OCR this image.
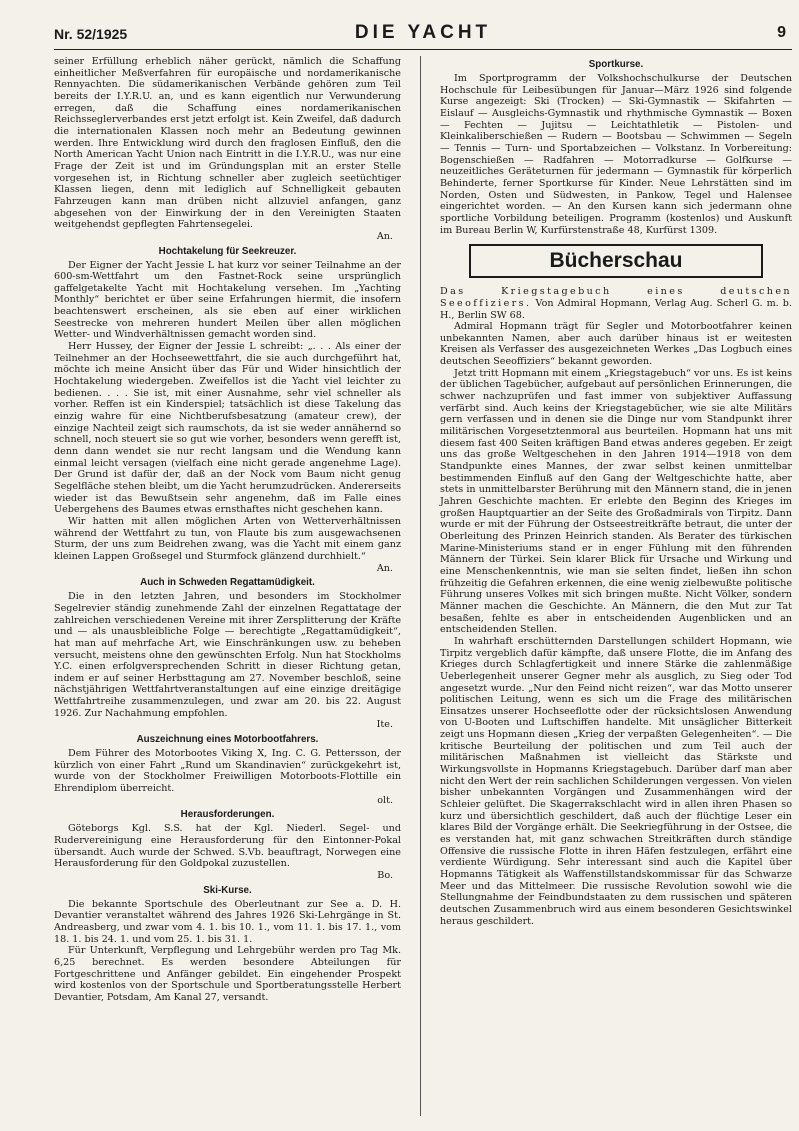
Nr. 52/1925	DIE YACHT	9

seiner Erfüllung erheblich näher gerückt, nämlich die Schaffung einheitlicher Meßverfahren für europäische und nordamerikanische Rennyachten. Die südamerikanischen Verbände gehören zum Teil bereits der I.Y.R.U. an, und es kann eigentlich nur Verwunderung erregen, daß die Schaffung eines nordamerikanischen Reichsseglerverbandes erst jetzt erfolgt ist. Kein Zweifel, daß dadurch die internationalen Klassen noch mehr an Bedeutung gewinnen werden. Ihre Entwicklung wird durch den fraglosen Einfluß, den die North American Yacht Union nach Eintritt in die I.Y.R.U., was nur eine Frage der Zeit ist und im Gründungsplan mit an erster Stelle vorgesehen ist, in Richtung schneller aber zugleich seetüchtiger Klassen liegen, denn mit lediglich auf Schnelligkeit gebauten Fahrzeugen kann man drüben nicht allzuviel anfangen, ganz abgesehen von der Einwirkung der in den Vereinigten Staaten weitgehendst gepflegten Fahrtensegelei.

An.
Hochtakelung für Seekreuzer.

Der Eigner der Yacht Jessie L hat kurz vor seiner Teilnahme an der 600-sm-Wettfahrt um den Fastnet-Rock seine ursprünglich gaffelgetakelte Yacht mit Hochtakelung versehen. Im „Yachting Monthly“ berichtet er über seine Erfahrungen hiermit, die insofern beachtenswert erscheinen, als sie eben auf einer wirklichen Seestrecke von mehreren hundert Meilen über allen möglichen Wetter- und Windverhältnissen gemacht worden sind.

Herr Hussey, der Eigner der Jessie L schreibt: „. . . Als einer der Teilnehmer an der Hochseewettfahrt, die sie auch durchgeführt hat, möchte ich meine Ansicht über das Für und Wider hinsichtlich der Hochtakelung wiedergeben. Zweifellos ist die Yacht viel leichter zu bedienen. . . . Sie ist, mit einer Ausnahme, sehr viel schneller als vorher. Reffen ist ein Kinderspiel; tatsächlich ist diese Takelung das einzig wahre für eine Nichtberufsbesatzung (amateur crew), der einzige Nachteil zeigt sich raumschots, da ist sie weder annähernd so schnell, noch steuert sie so gut wie vorher, besonders wenn gerefft ist, denn dann wendet sie nur recht langsam und die Wendung kann einmal leicht versagen (vielfach eine nicht gerade angenehme Lage). Der Grund ist dafür der, daß an der Nock vom Baum nicht genug Segelfläche stehen bleibt, um die Yacht herumzudrücken. Andererseits wieder ist das Bewußtsein sehr angenehm, daß im Falle eines Uebergehens des Baumes etwas ernsthaftes nicht geschehen kann.

Wir hatten mit allen möglichen Arten von Wetterverhältnissen während der Wettfahrt zu tun, von Flaute bis zum ausgewachsenen Sturm, der uns zum Beidrehen zwang, was die Yacht mit einem ganz kleinen Lappen Großsegel und Sturmfock glänzend durchhielt.“

An.
Auch in Schweden Regattamüdigkeit.

Die in den letzten Jahren, und besonders im Stockholmer Segelrevier ständig zunehmende Zahl der einzelnen Regattatage der zahlreichen verschiedenen Vereine mit ihrer Zersplitterung der Kräfte und — als unausbleibliche Folge — berechtigte „Regattamüdigkeit“, hat man auf mehrfache Art, wie Einschränkungen usw. zu beheben versucht, meistens ohne den gewünschten Erfolg. Nun hat Stockholms Y.C. einen erfolgversprechenden Schritt in dieser Richtung getan, indem er auf seiner Herbsttagung am 27. November beschloß, seine nächstjährigen Wettfahrtveranstaltungen auf eine einzige dreitägige Wettfahrtreihe zusammenzulegen, und zwar am 20. bis 22. August 1926. Zur Nachahmung empfohlen.

Ite.
Auszeichnung eines Motorbootfahrers.

Dem Führer des Motorbootes Viking X, Ing. C. G. Pettersson, der kürzlich von einer Fahrt „Rund um Skandinavien“ zurückgekehrt ist, wurde von der Stockholmer Freiwilligen Motorboots-Flottille ein Ehrendiplom überreicht.

olt.
Herausforderungen.

Göteborgs Kgl. S.S. hat der Kgl. Niederl. Segel- und Rudervereinigung eine Herausforderung für den Eintonner-Pokal übersandt. Auch wurde der Schwed. S.Vb. beauftragt, Norwegen eine Herausforderung für den Goldpokal zuzustellen.

Bo.
Ski-Kurse.

Die bekannte Sportschule des Oberleutnant zur See a. D. H. Devantier veranstaltet während des Jahres 1926 Ski-Lehrgänge in St. Andreasberg, und zwar vom 4. 1. bis 10. 1., vom 11. 1. bis 17. 1., vom 18. 1. bis 24. 1. und vom 25. 1. bis 31. 1.

Für Unterkunft, Verpflegung und Lehrgebühr werden pro Tag Mk. 6,25 berechnet. Es werden besondere Abteilungen für Fortgeschrittene und Anfänger gebildet. Ein eingehender Prospekt wird kostenlos von der Sportschule und Sportberatungsstelle Herbert Devantier, Potsdam, Am Kanal 27, versandt.

Sportkurse.

Im Sportprogramm der Volkshochschulkurse der Deutschen Hochschule für Leibesübungen für Januar—März 1926 sind folgende Kurse angezeigt: Ski (Trocken) — Ski-Gymnastik — Skifahrten — Eislauf — Ausgleichs-Gymnastik und rhythmische Gymnastik — Boxen — Fechten — Jujitsu — Leichtathletik — Pistolen- und Kleinkaliberschießen — Rudern — Bootsbau — Schwimmen — Segeln — Tennis — Turn- und Sportabzeichen — Volkstanz. In Vorbereitung: Bogenschießen — Radfahren — Motorradkurse — Golfkurse — neuzeitliches Geräteturnen für jedermann — Gymnastik für körperlich Behinderte, ferner Sportkurse für Kinder. Neue Lehrstätten sind im Norden, Osten und Südwesten, in Pankow, Tegel und Halensee eingerichtet worden. — An den Kursen kann sich jedermann ohne sportliche Vorbildung beteiligen. Programm (kostenlos) und Auskunft im Bureau Berlin W, Kurfürstenstraße 48, Kurfürst 1309.

Bücherschau

Das Kriegstagebuch eines deutschen Seeoffiziers. Von Admiral Hopmann, Verlag Aug. Scherl G. m. b. H., Berlin SW 68.

Admiral Hopmann trägt für Segler und Motorbootfahrer keinen unbekannten Namen, aber auch darüber hinaus ist er weitesten Kreisen als Verfasser des ausgezeichneten Werkes „Das Logbuch eines deutschen Seeoffiziers“ bekannt geworden.

Jetzt tritt Hopmann mit einem „Kriegstagebuch“ vor uns. Es ist keins der üblichen Tagebücher, aufgebaut auf persönlichen Erinnerungen, die schwer nachzuprüfen und fast immer von subjektiver Auffassung verfärbt sind. Auch keins der Kriegstagebücher, wie sie alte Militärs gern verfassen und in denen sie die Dinge nur vom Standpunkt ihrer militärischen Vorgesetztenmoral aus beurteilen. Hopmann hat uns mit diesem fast 400 Seiten kräftigen Band etwas anderes gegeben. Er zeigt uns das große Weltgeschehen in den Jahren 1914—1918 von dem Standpunkte eines Mannes, der zwar selbst keinen unmittelbar bestimmenden Einfluß auf den Gang der Weltgeschichte hatte, aber stets in unmittelbarster Berührung mit den Männern stand, die in jenen Jahren Geschichte machten. Er erlebte den Beginn des Krieges im großen Hauptquartier an der Seite des Großadmirals von Tirpitz. Dann wurde er mit der Führung der Ostseestreitkräfte betraut, die unter der Oberleitung des Prinzen Heinrich standen. Als Berater des türkischen Marine-Ministeriums stand er in enger Fühlung mit den führenden Männern der Türkei. Sein klarer Blick für Ursache und Wirkung und eine Menschenkenntnis, wie man sie selten findet, ließen ihn schon frühzeitig die Gefahren erkennen, die eine wenig zielbewußte politische Führung unseres Volkes mit sich bringen mußte. Nicht Völker, sondern Männer machen die Geschichte. An Männern, die den Mut zur Tat besaßen, fehlte es aber in entscheidenden Augenblicken und an entscheidenden Stellen.

In wahrhaft erschütternden Darstellungen schildert Hopmann, wie Tirpitz vergeblich dafür kämpfte, daß unsere Flotte, die im Anfang des Krieges durch Schlagfertigkeit und innere Stärke die zahlenmäßige Ueberlegenheit unserer Gegner mehr als ausglich, zu Sieg oder Tod angesetzt wurde. „Nur den Feind nicht reizen“, war das Motto unserer politischen Leitung, wenn es sich um die Frage des militärischen Einsatzes unserer Hochseeflotte oder der rücksichtslosen Anwendung von U-Booten und Luftschiffen handelte. Mit unsäglicher Bitterkeit zeigt uns Hopmann diesen „Krieg der verpaßten Gelegenheiten“. — Die kritische Beurteilung der politischen und zum Teil auch der militärischen Maßnahmen ist vielleicht das Stärkste und Wirkungsvollste in Hopmanns Kriegstagebuch. Darüber darf man aber nicht den Wert der rein sachlichen Schilderungen vergessen. Von vielen bisher unbekannten Vorgängen und Zusammenhängen wird der Schleier gelüftet. Die Skagerrakschlacht wird in allen ihren Phasen so kurz und übersichtlich geschildert, daß auch der flüchtige Leser ein klares Bild der Vorgänge erhält. Die Seekriegführung in der Ostsee, die es verstanden hat, mit ganz schwachen Streitkräften durch ständige Offensive die russische Flotte in ihren Häfen festzulegen, erfährt eine verdiente Würdigung. Sehr interessant sind auch die Kapitel über Hopmanns Tätigkeit als Waffenstillstandskommissar für das Schwarze Meer und das Mittelmeer. Die russische Revolution sowohl wie die Stellungnahme der Feindbundstaaten zu dem russischen und späteren deutschen Zusammenbruch wird aus einem besonderen Gesichtswinkel heraus geschildert.
